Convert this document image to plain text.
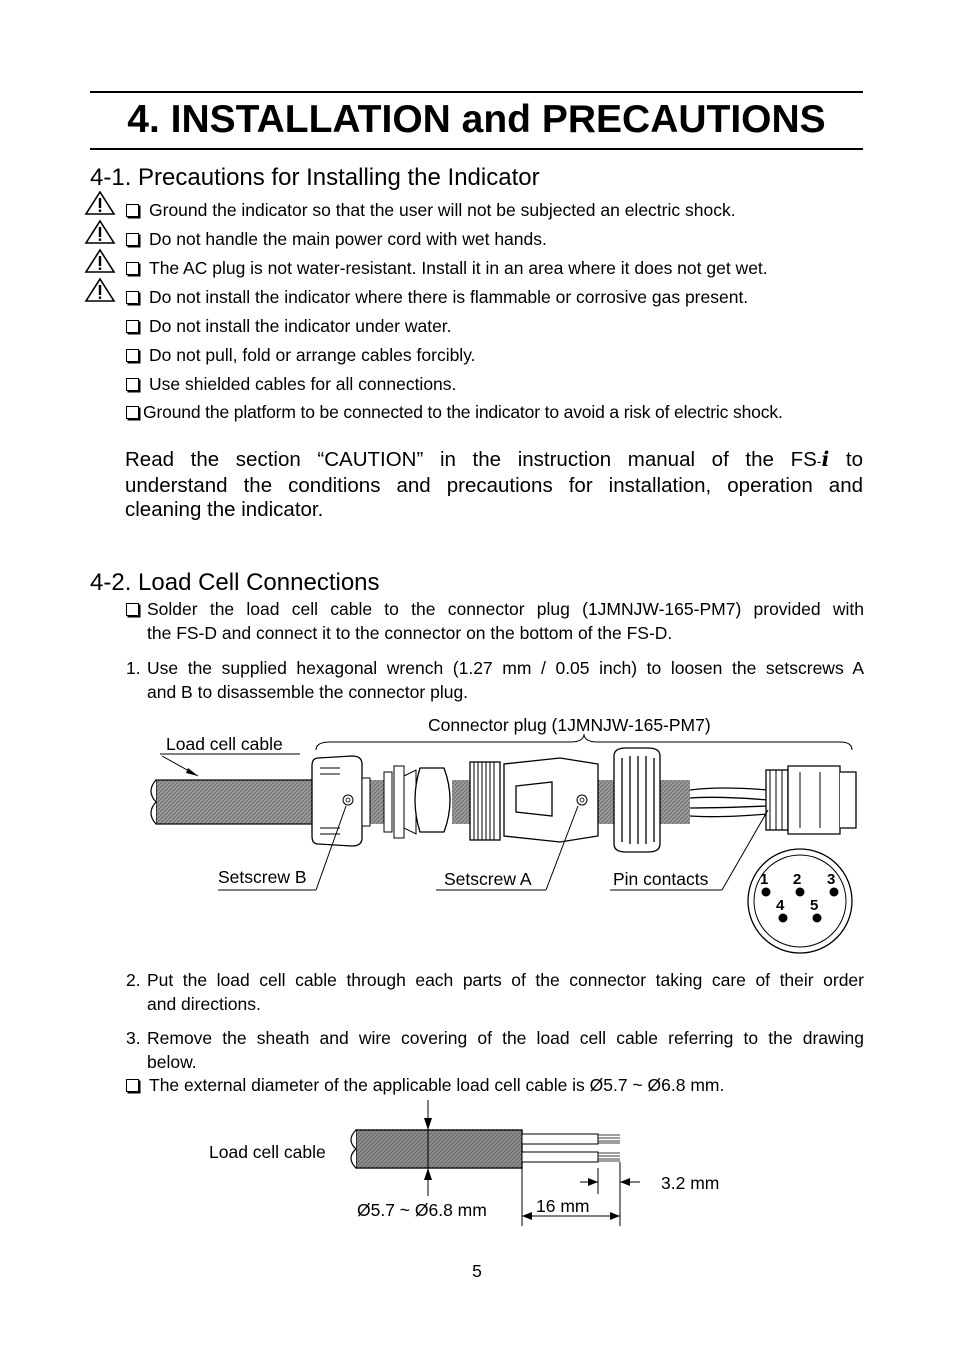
4. INSTALLATION and PRECAUTIONS
4-1. Precautions for Installing the Indicator
Ground the indicator so that the user will not be subjected an electric shock.
Do not handle the main power cord with wet hands.
The AC plug is not water-resistant. Install it in an area where it does not get wet.
Do not install the indicator where there is flammable or corrosive gas present.
Do not install the indicator under water.
Do not pull, fold or arrange cables forcibly.
Use shielded cables for all connections.
Ground the platform to be connected to the indicator to avoid a risk of electric shock.
Read the section “CAUTION” in the instruction manual of the FS-i to
understand the conditions and precautions for installation, operation and
cleaning the indicator.
4-2. Load Cell Connections
Solder the load cell cable to the connector plug (1JMNJW-165-PM7) provided with
the FS-D and connect it to the connector on the bottom of the FS-D.
1. Use the supplied hexagonal wrench (1.27 mm / 0.05 inch) to loosen the setscrews A
and B to disassemble the connector plug.
Connector plug (1JMNJW-165-PM7)
Load cell cable
Setscrew B	Setscrew A	Pin contacts	1 2 3
4 5
2. Put the load cell cable through each parts of the connector taking care of their order
and directions.
3. Remove the sheath and wire covering of the load cell cable referring to the drawing
below.
The external diameter of the applicable load cell cable is Ø5.7 ~ Ø6.8 mm.
Load cell cable
Ø5.7 ~ Ø6.8 mm	16 mm
3.2 mm
5
